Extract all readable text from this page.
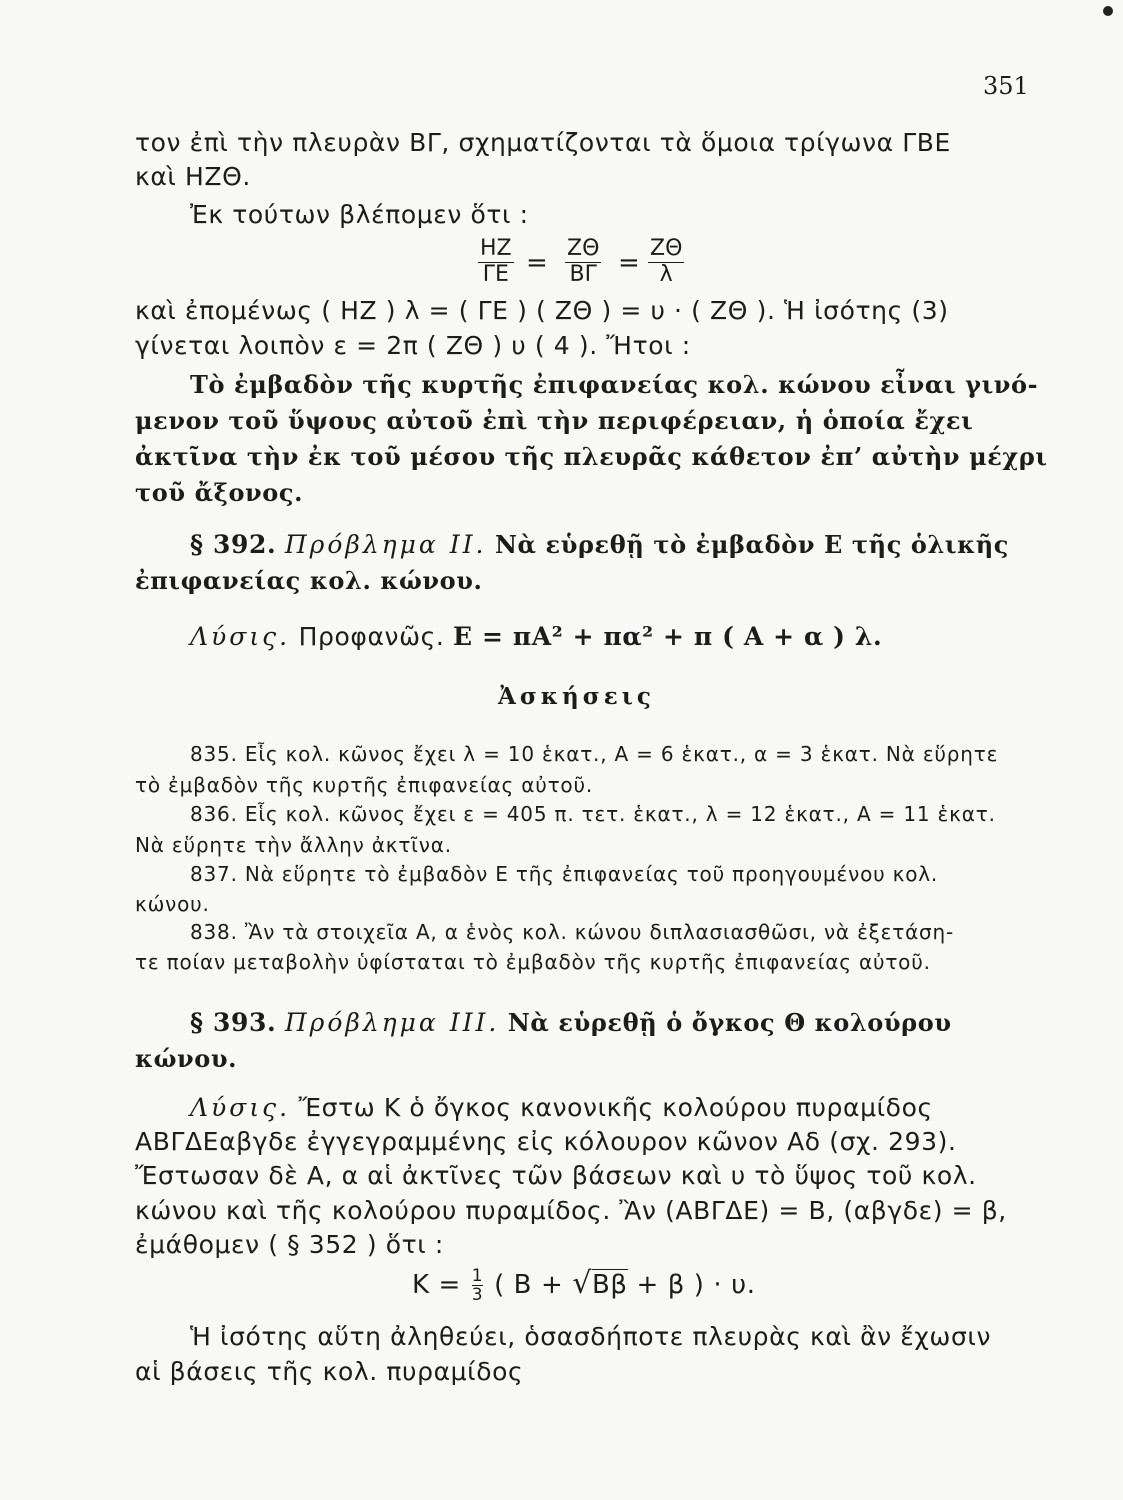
351
τον ἐπὶ τὴν πλευρὰν ΒΓ, σχηματίζονται τὰ ὅμοια τρίγωνα ΓΒΕ
καὶ ΗΖΘ.
Ἐκ τούτων βλέπομεν ὅτι :
$\frac{HZ}{\Gamma E} = \frac{Z\Theta}{B\Gamma} = \frac{Z\Theta}{\lambda}$
καὶ ἐπομένως ( ΗΖ ) λ = ( ΓΕ ) ( ΖΘ ) = υ · ( ΖΘ ). Ἡ ἰσότης (3)
γίνεται λοιπὸν ε = 2π ( ΖΘ ) υ ( 4 ). Ἤτοι :
Τὸ ἐμβαδὸν τῆς κυρτῆς ἐπιφανείας κολ. κώνου εἶναι γινό-
μενον τοῦ ὕψους αὐτοῦ ἐπὶ τὴν περιφέρειαν, ἡ ὁποία ἔχει
ἀκτῖνα τὴν ἐκ τοῦ μέσου τῆς πλευρᾶς κάθετον ἐπ’ αὐτὴν μέχρι
τοῦ ἄξονος.
§ 392. Πρόβλημα ΙΙ. Νὰ εὑρεθῇ τὸ ἐμβαδὸν Ε τῆς ὁλικῆς
ἐπιφανείας κολ. κώνου.
Λύσις. Προφανῶς. Ε = πΑ² + πα² + π ( Α + α ) λ.
Ἀσκήσεις
835. Εἷς κολ. κῶνος ἔχει λ = 10 ἑκατ., Α = 6 ἑκατ., α = 3 ἑκατ. Νὰ εὕρητε
τὸ ἐμβαδὸν τῆς κυρτῆς ἐπιφανείας αὐτοῦ.
836. Εἷς κολ. κῶνος ἔχει ε = 405 π. τετ. ἑκατ., λ = 12 ἑκατ., Α = 11 ἑκατ.
Νὰ εὕρητε τὴν ἄλλην ἀκτῖνα.
837. Νὰ εὕρητε τὸ ἐμβαδὸν Ε τῆς ἐπιφανείας τοῦ προηγουμένου κολ.
κώνου.
838. Ἂν τὰ στοιχεῖα Α, α ἑνὸς κολ. κώνου διπλασιασθῶσι, νὰ ἐξετάση-
τε ποίαν μεταβολὴν ὑφίσταται τὸ ἐμβαδὸν τῆς κυρτῆς ἐπιφανείας αὐτοῦ.
§ 393. Πρόβλημα ΙΙΙ. Νὰ εὑρεθῇ ὁ ὄγκος Θ κολούρου
κώνου.
Λύσις. Ἔστω Κ ὁ ὄγκος κανονικῆς κολούρου πυραμίδος
ΑΒΓΔΕαβγδε ἐγγεγραμμένης εἰς κόλουρον κῶνον Αδ (σχ. 293).
Ἔστωσαν δὲ Α, α αἱ ἀκτῖνες τῶν βάσεων καὶ υ τὸ ὕψος τοῦ κολ.
κώνου καὶ τῆς κολούρου πυραμίδος. Ἂν (ΑΒΓΔΕ) = Β, (αβγδε) = β,
ἐμάθομεν ( § 352 ) ὅτι :
$K = \frac{1}{3}$ ( Β + √Ββ + β ) · υ.
Ἡ ἰσότης αὕτη ἀληθεύει, ὁσασδήποτε πλευρὰς καὶ ἂν ἔχωσιν
αἱ βάσεις τῆς κολ. πυραμίδος
